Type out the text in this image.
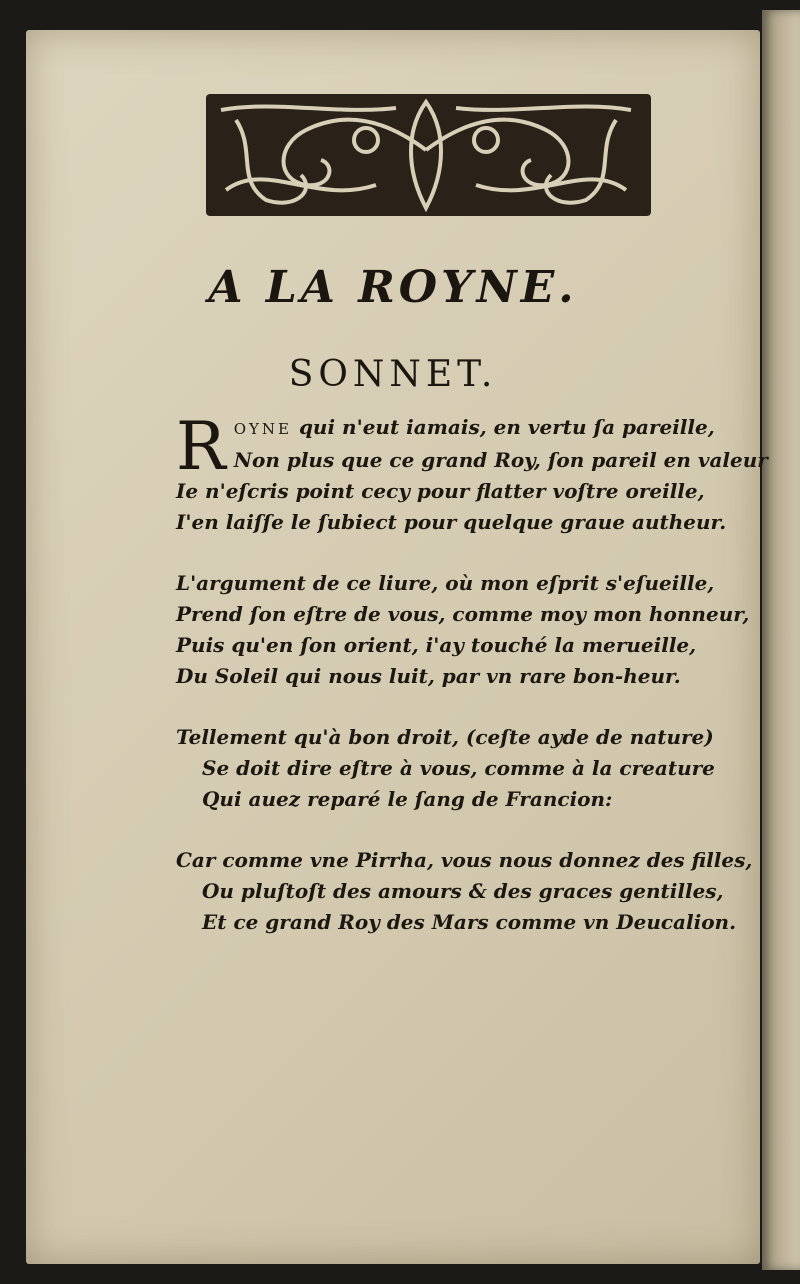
A LA ROYNE.
SONNET.
R OYNE qui n'eut iamais, en vertu ſa pareille,
Non plus que ce grand Roy, ſon pareil en valeur
Ie n'eſcris point cecy pour flatter voſtre oreille,
I'en laiſſe le ſubiect pour quelque graue autheur.
L'argument de ce liure, où mon eſprit s'eſueille,
Prend ſon eſtre de vous, comme moy mon honneur,
Puis qu'en ſon orient, i'ay touché la merueille,
Du Soleil qui nous luit, par vn rare bon-heur.
Tellement qu'à bon droit, (ceſte ayde de nature)
Se doit dire eſtre à vous, comme à la creature
Qui auez reparé le ſang de Francion:
Car comme vne Pirrha, vous nous donnez des filles,
Ou pluſtoſt des amours & des graces gentilles,
Et ce grand Roy des Mars comme vn Deucalion.
